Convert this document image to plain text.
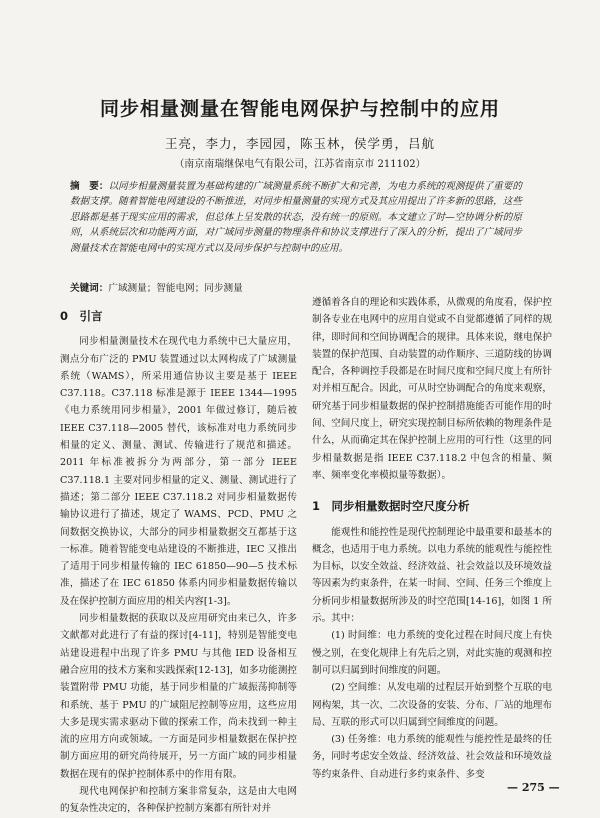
同步相量测量在智能电网保护与控制中的应用
王亮，李力，李园园，陈玉林，侯学勇，吕航
（南京南瑞继保电气有限公司，江苏省南京市 211102）
摘　要：以同步相量测量装置为基础构建的广域测量系统不断扩大和完善，为电力系统的观测提供了重要的数据支撑。随着智能电网建设的不断推进，对同步相量测量的实现方式及其应用提出了许多新的思路，这些思路都是基于现实应用的需求，但总体上呈发散的状态，没有统一的原则。本文建立了时—空协调分析的原则，从系统层次和功能两方面，对广域同步测量的物理条件和协议支撑进行了深入的分析，提出了广域同步测量技术在智能电网中的实现方式以及同步保护与控制中的应用。
关键词：广域测量；智能电网；同步测量
0　引言

同步相量测量技术在现代电力系统中已大量应用，测点分布广泛的 PMU 装置通过以太网构成了广域测量系统（WAMS），所采用通信协议主要是基于 IEEE C37.118。C37.118 标准是源于 IEEE 1344—1995《电力系统用同步相量》，2001 年做过修订，随后被 IEEE C37.118—2005 替代，该标准对电力系统同步相量的定义、测量、测试、传输进行了规范和描述。2011 年标准被拆分为两部分，第一部分 IEEE C37.118.1 主要对同步相量的定义、测量、测试进行了描述；第二部分 IEEE C37.118.2 对同步相量数据传输协议进行了描述，规定了 WAMS、PCD、PMU 之间数据交换协议，大部分的同步相量数据交互都基于这一标准。随着智能变电站建设的不断推进，IEC 又推出了适用于同步相量传输的 IEC 61850—90—5 技术标准，描述了在 IEC 61850 体系内同步相量数据传输以及在保护控制方面应用的相关内容[1-3]。

同步相量数据的获取以及应用研究由来已久，许多文献都对此进行了有益的探讨[4-11]，特别是智能变电站建设进程中出现了许多 PMU 与其他 IED 设备相互融合应用的技术方案和实践探索[12-13]，如多功能测控装置附带 PMU 功能，基于同步相量的广域振荡抑制等和系统、基于 PMU 的广域阻尼控制等应用，这些应用大多是现实需求驱动下做的探索工作，尚未找到一种主流的应用方向或领域。一方面是同步相量数据在保护控制方面应用的研究尚待展开，另一方面广域的同步相量数据在现有的保护控制体系中的作用有限。

现代电网保护和控制方案非常复杂，这是由大电网的复杂性决定的，各种保护控制方案都有所针对并

遵循着各自的理论和实践体系，从微观的角度看，保护控制各专业在电网中的应用自觉或不自觉都遵循了同样的规律，即时间和空间协调配合的规律。具体来说，继电保护装置的保护范围、自动装置的动作顺序、三道防线的协调配合，各种调控手段都是在时间尺度和空间尺度上有所针对并相互配合。因此，可从时空协调配合的角度来观察，研究基于同步相量数据的保护控制措施能否可能作用的时间、空间尺度上，研究实现控制目标所依赖的物理条件是什么，从而确定其在保护控制上应用的可行性（这里的同步相量数据是指 IEEE C37.118.2 中包含的相量、频率、频率变化率模拟量等数据）。

1　同步相量数据时空尺度分析

能观性和能控性是现代控制理论中最重要和最基本的概念，也适用于电力系统。以电力系统的能观性与能控性为目标，以安全效益、经济效益、社会效益以及环境效益等因素为约束条件，在某一时间、空间、任务三个维度上分析同步相量数据所涉及的时空范围[14-16]，如图 1 所示。其中：

(1) 时间维：电力系统的变化过程在时间尺度上有快慢之别，在变化规律上有先后之别，对此实施的观测和控制可以归属到时间维度的问题。

(2) 空间维：从发电端的过程层开始到整个互联的电网构架，其一次、二次设备的安装、分布、厂站的地理布局、互联的形式可以归属到空间维度的问题。

(3) 任务维：电力系统的能观性与能控性是最终的任务，同时考虑安全效益、经济效益、社会效益和环境效益等约束条件、自动进行多约束条件、多变

— 275 —
